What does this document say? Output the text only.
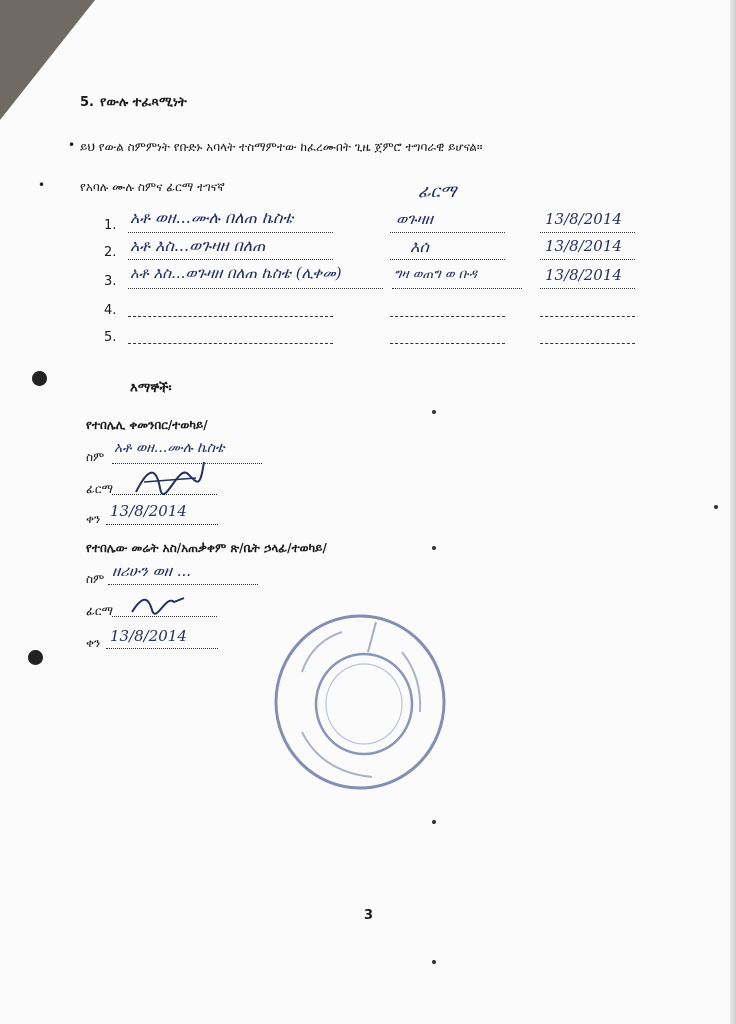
5. የውሉ ተፈጻሚነት
• ይህ የውል ስምምነት የቡድኑ አባላት ተስማምተው ከፈረሙበት ጊዜ ጀምሮ ተግባራዊ ይሆናል።
•	የአባሉ ሙሉ ስምና ፊርማ ተገናኛ	ፊርማ
1. አቶ ወዘ...ሙሉ በለጠ ኬስቴ	ወጉዛዘ	13/8/2014
2. አቶ እስ...ወጉዛዘ በለጠ	እሰ	13/8/2014
3. አቶ እስ...ወጉዛዘ በለጠ ኬስቴ (ሊቀመ)	ግዛ ወጠግ ወ ቡዳ	13/8/2014
4.
5.
እማኞች፡
የተበሌሊ ቀመንበር/ተወካይ/
ስም
አቶ ወዘ...ሙሉ ኬስቴ
ፊርማ
ቀን 13/8/2014
የተበሌው መሬት አስ/አጠቃቀም ጽ/ቤት ኃላፊ/ተወካይ/
ስም ዘሪሁን ወዘ ...
ፊርማ
ቀን 13/8/2014
3
